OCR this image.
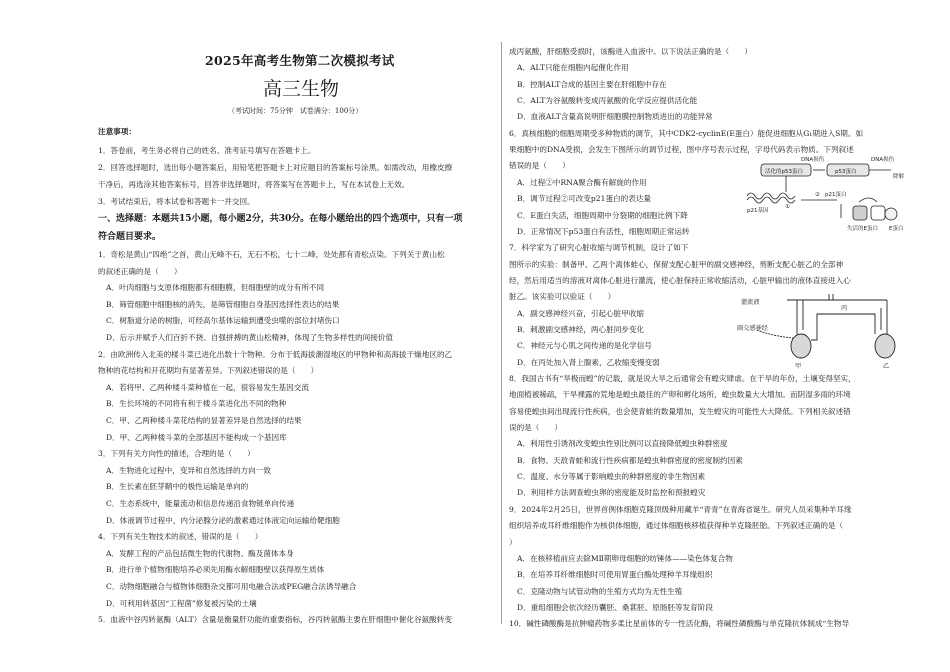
2025年高考生物第二次模拟考试
高三生物
（考试时间：75分钟　试卷满分：100分）
注意事项：
1．答卷前，考生务必将自己的姓名、准考证号填写在答题卡上。
2．回答选择题时，选出每小题答案后，用铅笔把答题卡上对应题目的答案标号涂黑。如需改动，用橡皮擦
干净后，再选涂其他答案标号，回答非选择题时，将答案写在答题卡上，写在本试卷上无效。
3．考试结束后，将本试卷和答题卡一并交回。
一、选择题：本题共15小题，每小题2分，共30分。在每小题给出的四个选项中，只有一项
符合题目要求。
1．奇松是黄山“四绝”之首，黄山无峰不石，无石不松，七十二峰，处处都有青松点染。下列关于黄山松
的叙述正确的是（　　）
A．叶肉细胞与支原体细胞都有细胞膜，但细胞壁的成分有所不同
B．筛管细胞中细胞核的消失，是筛管细胞自身基因选择性表达的结果
C．树脂道分泌的树脂，可经高尔基体运输到遭受虫噬的部位封堵伤口
D．后示并赋予人们百折不挠、自强拼搏的黄山松精神，体现了生物多样性的间接价值
2．由欧洲传入北美的楼斗菜已进化出数十个物种。分布于低海拔潮湿地区的甲物种和高海拔干燥地区的乙
物种的花结构和开花期均有显著差异。下列叙述错误的是（　　）
A．若将甲、乙两种楼斗菜种植在一起，很容易发生基因交流
B．生长环境的不同将有利于楼斗菜进化出不同的物种
C．甲、乙两种楼斗菜花结构的显著差异是自然选择的结果
D．甲、乙两种楼斗菜的全部基因不能构成一个基因库
3．下列有关方向性的描述，合理的是（　　）
A．生物进化过程中，变异和自然选择的方向一致
B．生长素在胚芽鞘中的极性运输是单向的
C．生态系统中，能量流动和信息传递沿食物链单向传递
D．体液调节过程中，内分泌腺分泌的激素通过体液定向运输给靶细胞
4．下列有关生物技术的叙述，错误的是（　　）
A．发酵工程的产品包括微生物的代谢物、酶及菌体本身
B．进行单个植物细胞培养必须先用酶水解细胞壁以获得原生质体
C．动物细胞融合与植物体细胞杂交都可用电融合法或PEG融合法诱导融合
D．可利用转基因“工程菌”修复被污染的土壤
5．血液中谷丙转氨酶（ALT）含量是衡量肝功能的重要指标，谷丙转氨酶主要在肝细胞中催化谷氨酸转变
成丙氨酸，肝细胞受损时，该酶进入血液中。以下说法正确的是（　　）
A．ALT只能在细胞内起催化作用
B．控制ALT合成的基因主要在肝细胞中存在
C．ALT为谷氨酸转变成丙氨酸的化学反应提供活化能
D．血液ALT含量高说明肝细胞膜控制物质进出的功能异常
6．真核细胞的细胞周期受多种物质的调节，其中CDK2-cyclinE(E蛋白）能促进细胞从G₁期进入S期。如
果细胞中的DNA受损，会发生下图所示的调节过程，图中序号表示过程，字母代码表示物质。下列叙述
错误的是（　　）
A．过程②中RNA聚合酶有解旋的作用
B．调节过程②可改变p21蛋白的表达量
C．E蛋白失活，细胞周期中分裂期的细胞比例下降
D．正常情况下p53蛋白有活性，细胞周期正常运转
7．科学家为了研究心脏收缩与调节机制，设计了如下
图所示的实验：制备甲、乙两个离体蛙心，保留支配心脏甲的副交感神经，剪断支配心脏乙的全部神
经，然后用适当的溶液对离体心脏进行灌流，使心脏保持正常收缩活动，心脏甲输出的液体直接进入心
脏乙。该实验可以验证（　　）
A．副交感神经兴奋，引起心脏甲收缩
B．刺激副交感神经，两心脏同步变化
C．神经元与心肌之间传递的是化学信号
D．在丙处加入肾上腺素，乙收缩变慢变弱
8．我国古书有“旱极而蝗”的记载，就是说大旱之后通常会有蝗灾肆虐。在干旱的年份，土壤变得坚实，
地面植被稀疏，干旱裸露的荒地是蝗虫最佳的产卵和孵化场所，蝗虫数量大大增加。而阴湿多雨的环境
容易使蝗虫间出现流行性疾病，也会使青蛙的数量增加，发生蝗灾的可能性大大降低。下列相关叙述错
误的是（　　）
A．利用性引诱剂改变蝗虫性别比例可以直接降低蝗虫种群密度
B．食物、天敌青蛙和流行性疾病都是蝗虫种群密度的密度制约因素
C．温度、水分等属于影响蝗虫的种群密度的非生物因素
D．利用样方法调查蝗虫卵的密度能及时监控和预报蝗灾
9．2024年2月25日，世界首例体细胞克隆顶级种用藏羊“青青”在青海省诞生。研究人员采集种羊耳缘
组织培养成耳纤维细胞作为核供体细胞，通过体细胞核移植获得种羊克隆胚胎。下列叙述正确的是（
）
A．在核移植前应去除MⅡ期卵母细胞的纺锤体——染色体复合物
B．在培养耳纤维细胞时可使用胃蛋白酶处理种羊耳缘组织
C．克隆动物与试管动物的生殖方式均为无性生殖
D．重组细胞会依次经历囊胚、桑葚胚、原肠胚等发育阶段
10．碱性磷酸酶是抗肿瘤药物多柔比星前体的专一性活化酶，将碱性磷酸酶与单克隆抗体制成“生物导
活化的p53蛋白	p53蛋白
DNA损伤	DNA损伤
降解
p21基因
p21蛋白
①
②
失活的E蛋白 E蛋白
灌流液
副交感神经
甲	乙
丙
